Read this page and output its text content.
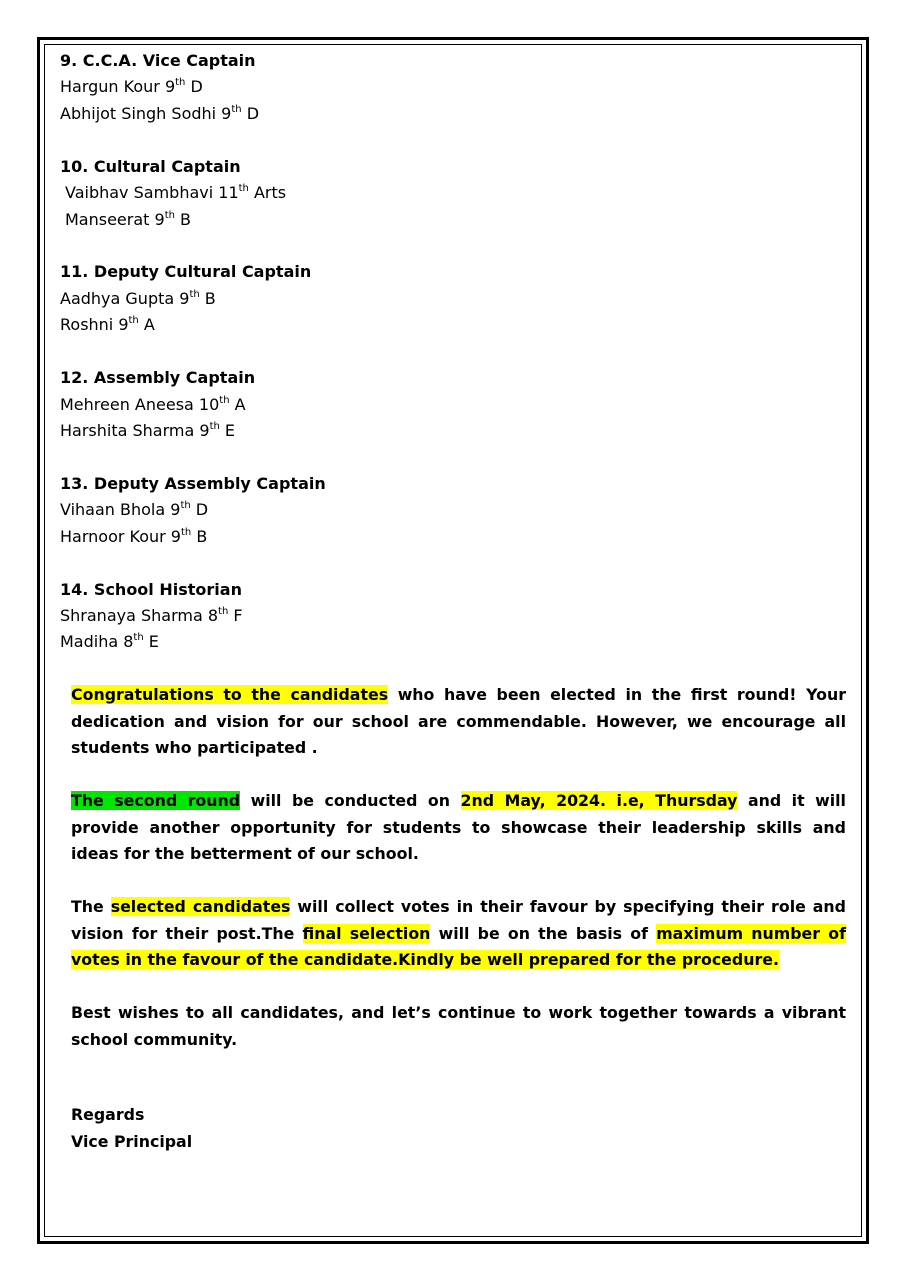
9. C.C.A. Vice Captain
Hargun Kour 9th D
Abhijot Singh Sodhi 9th D
10. Cultural Captain
Vaibhav Sambhavi 11th Arts
Manseerat 9th B
11. Deputy Cultural Captain
Aadhya Gupta 9th B
Roshni 9th A
12. Assembly Captain
Mehreen Aneesa 10th A
Harshita Sharma 9th E
13. Deputy Assembly Captain
Vihaan Bhola 9th D
Harnoor Kour 9th B
14. School Historian
Shranaya Sharma 8th F
Madiha 8th E

Congratulations to the candidates who have been elected in the first round! Your dedication and vision for our school are commendable. However, we encourage all students who participated .

The second round will be conducted on 2nd May, 2024. i.e, Thursday and it will provide another opportunity for students to showcase their leadership skills and ideas for the betterment of our school.

The selected candidates will collect votes in their favour by specifying their role and vision for their post.The final selection will be on the basis of maximum number of votes in the favour of the candidate.Kindly be well prepared for the procedure.

Best wishes to all candidates, and let’s continue to work together towards a vibrant school community.

Regards
Vice Principal
